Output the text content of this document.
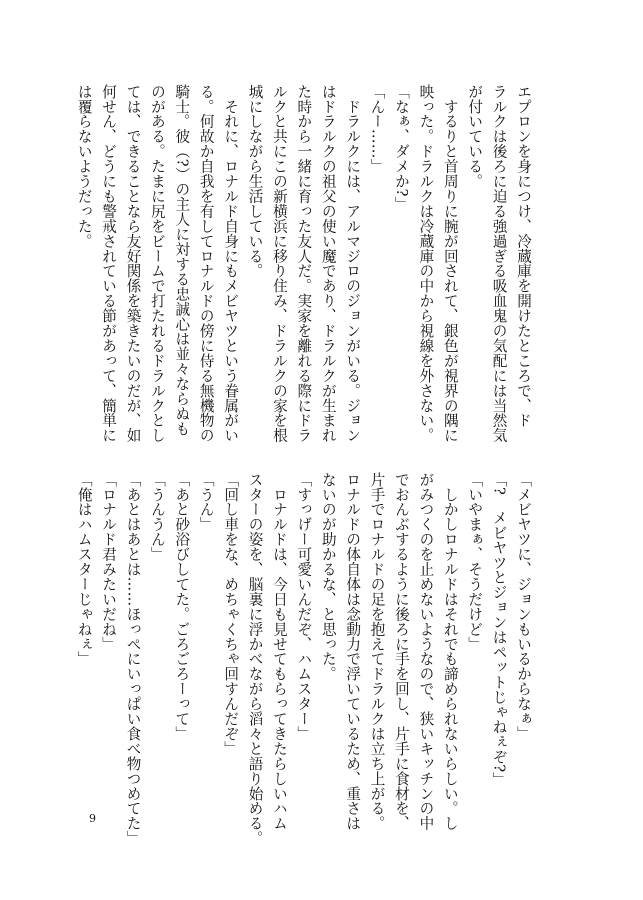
エプロンを身につけ、冷蔵庫を開けたところで、ド
ラルクは後ろに迫る強過ぎる吸血鬼の気配には当然気
が付いている。
　するりと首周りに腕が回されて、銀色が視界の隅に
映った。ドラルクは冷蔵庫の中から視線を外さない。
「なぁ、ダメか?」
「んー……」
　ドラルクには、アルマジロのジョンがいる。ジョン
はドラルクの祖父の使い魔であり、ドラルクが生まれ
た時から一緒に育った友人だ。実家を離れる際にドラ
ルクと共にこの新横浜に移り住み、ドラルクの家を根
城にしながら生活している。
　それに、ロナルド自身にもメビヤツという眷属がい
る。何故か自我を有してロナルドの傍に侍る無機物の
騎士。彼（?）の主人に対する忠誠心は並々ならぬも
のがある。たまに尻をビームで打たれるドラルクとし
ては、できることなら友好関係を築きたいのだが、如
何せん、どうにも警戒されている節があって、簡単に
は覆らないようだった。
「メビヤツに、ジョンもいるからなぁ」
「?　メビヤツとジョンはペットじゃねぇぞ?」
「いやまぁ、そうだけど」
　しかしロナルドはそれでも諦められないらしい。し
がみつくのを止めないようなので、狭いキッチンの中
でおんぶするように後ろに手を回し、片手に食材を、
片手でロナルドの足を抱えてドラルクは立ち上がる。
ロナルドの体自体は念動力で浮いているため、重さは
ないのが助かるな、と思った。
「すっげー可愛いんだぞ、ハムスター」
　ロナルドは、今日も見せてもらってきたらしいハム
スターの姿を、脳裏に浮かべながら滔々と語り始める。
「回し車をな、めちゃくちゃ回すんだぞ」
「うん」
「あと砂浴びしてた。ごろごろーって」
「うんうん」
「あとはあとは……ほっぺにいっぱい食べ物つめてた」
「ロナルド君みたいだね」
「俺はハムスターじゃねぇ」
9
